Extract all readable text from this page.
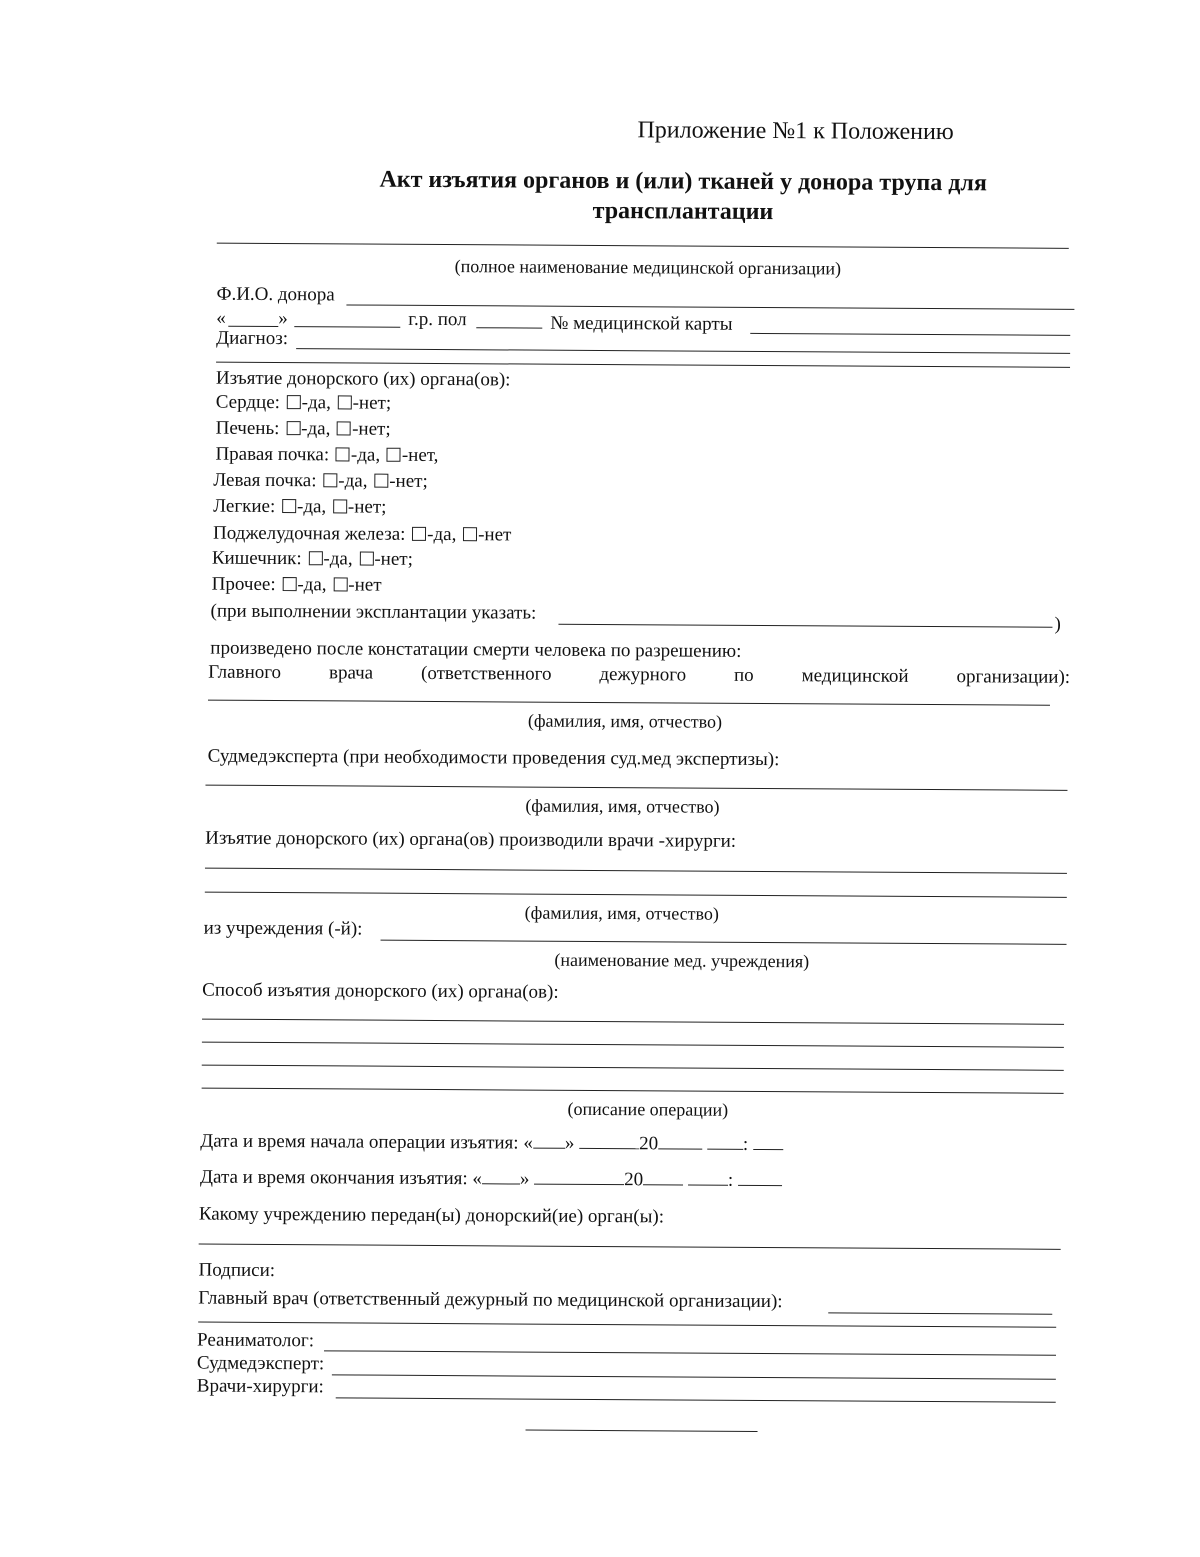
Приложение №1 к Положению
Акт изъятия органов и (или) тканей у донора трупа для
трансплантации
(полное наименование медицинской организации)
Ф.И.О. донора
«	»	г.р. пол	№ медицинской карты
Диагноз:
Изъятие донорского (их) органа(ов):
Сердце: -да, -нет;
Печень: -да, -нет;
Правая почка: -да, -нет,
Левая почка: -да, -нет;
Легкие: -да, -нет;
Поджелудочная железа: -да, -нет
Кишечник: -да, -нет;
Прочее: -да, -нет
(при выполнении эксплантации указать:
)
произведено после констатации смерти человека по разрешению:
Главного	врача	(ответственного	дежурного	по	медицинской	организации):
(фамилия, имя, отчество)
Судмедэксперта (при необходимости проведения суд.мед экспертизы):
(фамилия, имя, отчество)
Изъятие донорского (их) органа(ов) производили врачи -хирурги:
(фамилия, имя, отчество)
из учреждения (-й):
(наименование мед. учреждения)
Способ изъятия донорского (их) органа(ов):
(описание операции)
Дата и время начала операции изъятия: « »	20	:
Дата и время окончания изъятия: « »	20	:
Какому учреждению передан(ы) донорский(ие) орган(ы):
Подписи:
Главный врач (ответственный дежурный по медицинской организации):
Реаниматолог:
Судмедэксперт:
Врачи-хирурги:
